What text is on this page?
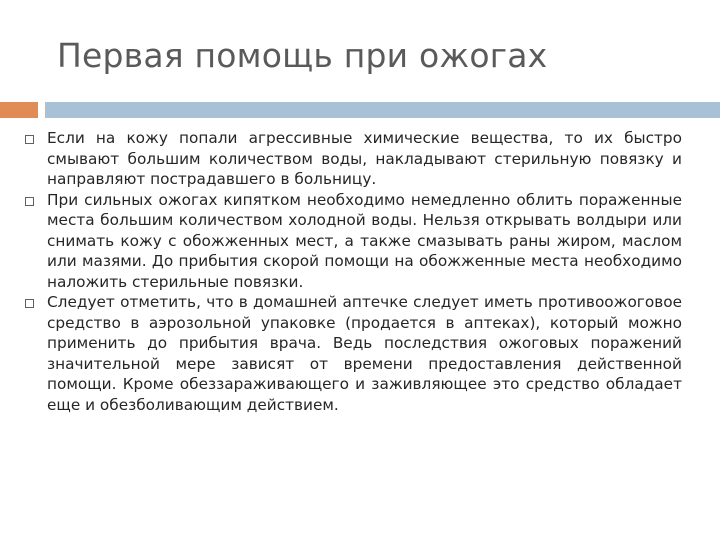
Первая помощь при ожогах
Если на кожу попали агрессивные химические вещества, то их быстро смывают большим количеством воды, накладывают стерильную повязку и направляют пострадавшего в больницу.
При сильных ожогах кипятком необходимо немедленно облить пораженные места большим количеством холодной воды. Нельзя открывать волдыри или снимать кожу с обожженных мест, а также смазывать раны жиром, маслом или мазями. До прибытия скорой помощи на обожженные места необходимо наложить стерильные повязки.
Следует отметить, что в домашней аптечке следует иметь противоожоговое средство в аэрозольной упаковке (продается в аптеках), который можно применить до прибытия врача. Ведь последствия ожоговых поражений значительной мере зависят от времени предоставления действенной помощи. Кроме обеззараживающего и заживляющее это средство обладает еще и обезболивающим действием.
